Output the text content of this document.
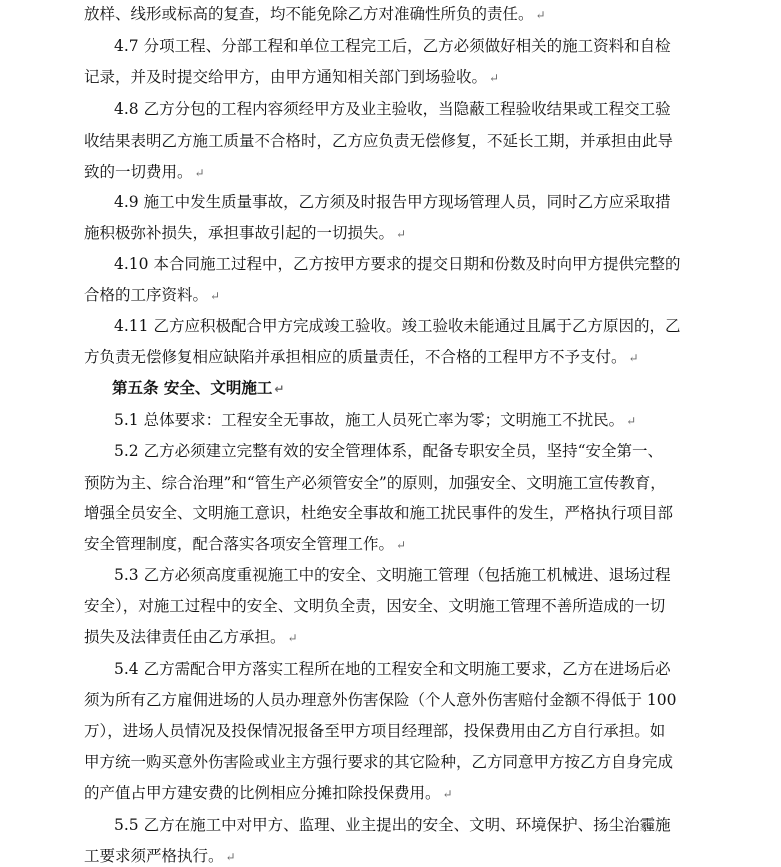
放样、线形或标高的复查，均不能免除乙方对准确性所负的责任。 ↵
4.7 分项工程、分部工程和单位工程完工后，乙方必须做好相关的施工资料和自检
记录，并及时提交给甲方，由甲方通知相关部门到场验收。 ↵
4.8 乙方分包的工程内容须经甲方及业主验收，当隐蔽工程验收结果或工程交工验
收结果表明乙方施工质量不合格时，乙方应负责无偿修复，不延长工期，并承担由此导
致的一切费用。 ↵
4.9 施工中发生质量事故，乙方须及时报告甲方现场管理人员，同时乙方应采取措
施积极弥补损失，承担事故引起的一切损失。 ↵
4.10 本合同施工过程中，乙方按甲方要求的提交日期和份数及时向甲方提供完整的
合格的工序资料。 ↵
4.11 乙方应积极配合甲方完成竣工验收。竣工验收未能通过且属于乙方原因的，乙
方负责无偿修复相应缺陷并承担相应的质量责任，不合格的工程甲方不予支付。 ↵
第五条 安全、文明施工 ↵
5.1 总体要求：工程安全无事故，施工人员死亡率为零；文明施工不扰民。 ↵
5.2 乙方必须建立完整有效的安全管理体系，配备专职安全员，坚持“安全第一、
预防为主、综合治理”和“管生产必须管安全”的原则，加强安全、文明施工宣传教育，
增强全员安全、文明施工意识，杜绝安全事故和施工扰民事件的发生，严格执行项目部
安全管理制度，配合落实各项安全管理工作。 ↵
5.3 乙方必须高度重视施工中的安全、文明施工管理（包括施工机械进、退场过程
安全），对施工过程中的安全、文明负全责，因安全、文明施工管理不善所造成的一切
损失及法律责任由乙方承担。 ↵
5.4 乙方需配合甲方落实工程所在地的工程安全和文明施工要求，乙方在进场后必
须为所有乙方雇佣进场的人员办理意外伤害保险（个人意外伤害赔付金额不得低于 100
万），进场人员情况及投保情况报备至甲方项目经理部，投保费用由乙方自行承担。如
甲方统一购买意外伤害险或业主方强行要求的其它险种，乙方同意甲方按乙方自身完成
的产值占甲方建安费的比例相应分摊扣除投保费用。 ↵
5.5 乙方在施工中对甲方、监理、业主提出的安全、文明、环境保护、扬尘治霾施
工要求须严格执行。 ↵
